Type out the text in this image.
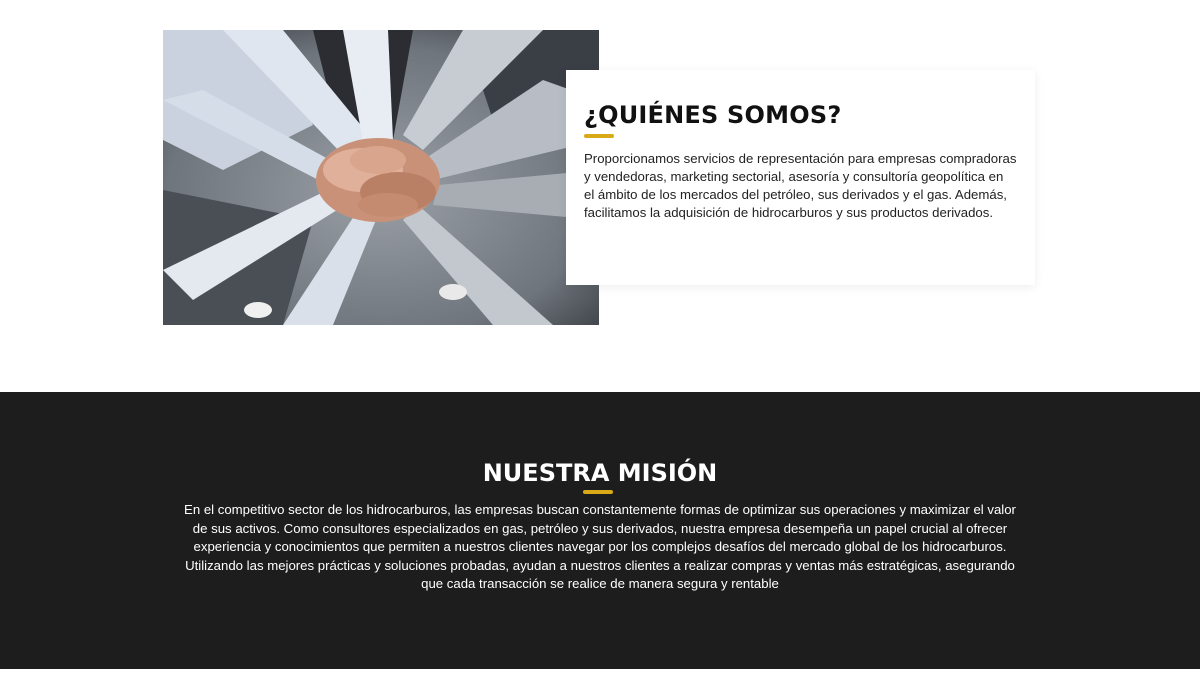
¿QUIÉNES SOMOS?

Proporcionamos servicios de representación para empresas compradoras y vendedoras, marketing sectorial, asesoría y consultoría geopolítica en el ámbito de los mercados del petróleo, sus derivados y el gas. Además, facilitamos la adquisición de hidrocarburos y sus productos derivados.

NUESTRA MISIÓN

En el competitivo sector de los hidrocarburos, las empresas buscan constantemente formas de optimizar sus operaciones y maximizar el valor de sus activos. Como consultores especializados en gas, petróleo y sus derivados, nuestra empresa desempeña un papel crucial al ofrecer experiencia y conocimientos que permiten a nuestros clientes navegar por los complejos desafíos del mercado global de los hidrocarburos. Utilizando las mejores prácticas y soluciones probadas, ayudan a nuestros clientes a realizar compras y ventas más estratégicas, asegurando que cada transacción se realice de manera segura y rentable
